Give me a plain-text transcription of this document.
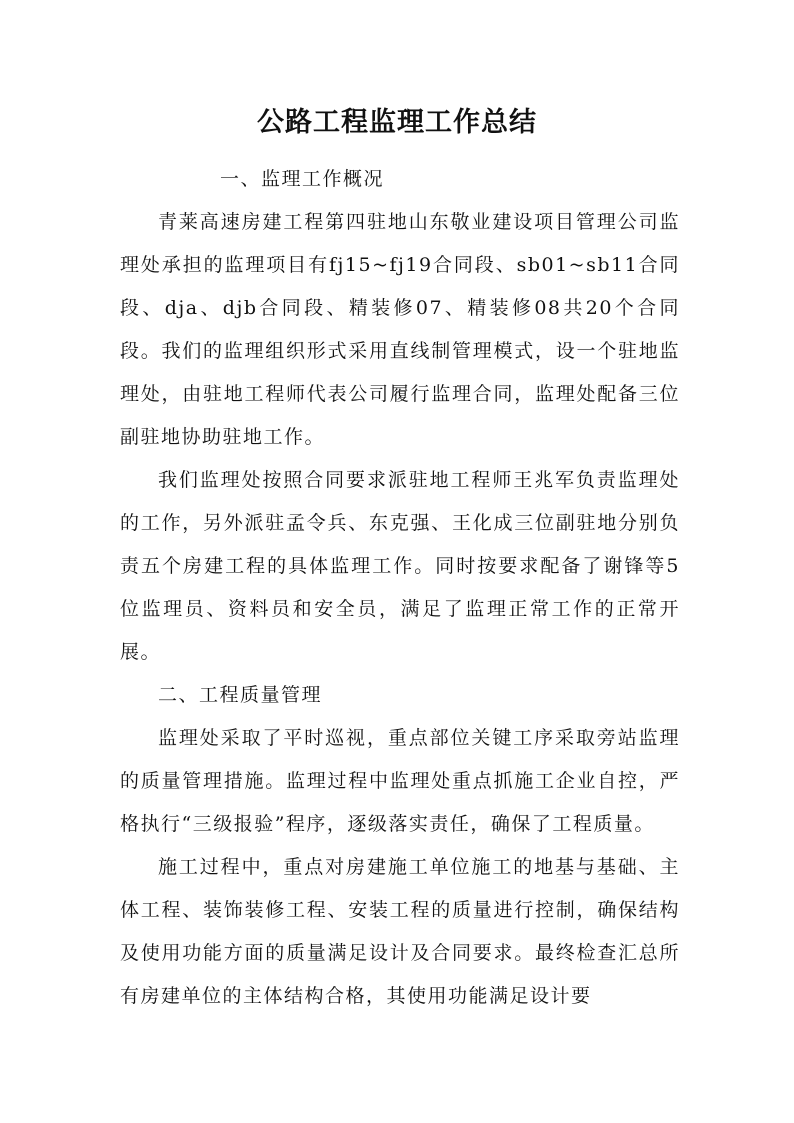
公路工程监理工作总结

一、监理工作概况

青莱高速房建工程第四驻地山东敬业建设项目管理公司监理处承担的监理项目有fj15~fj19合同段、sb01~sb11合同段、dja、djb合同段、精装修07、精装修08共20个合同段。我们的监理组织形式采用直线制管理模式，设一个驻地监理处，由驻地工程师代表公司履行监理合同，监理处配备三位副驻地协助驻地工作。

我们监理处按照合同要求派驻地工程师王兆军负责监理处的工作，另外派驻孟令兵、东克强、王化成三位副驻地分别负责五个房建工程的具体监理工作。同时按要求配备了谢锋等5位监理员、资料员和安全员，满足了监理正常工作的正常开展。

二、工程质量管理

监理处采取了平时巡视，重点部位关键工序采取旁站监理的质量管理措施。监理过程中监理处重点抓施工企业自控，严格执行“三级报验”程序，逐级落实责任，确保了工程质量。

施工过程中，重点对房建施工单位施工的地基与基础、主体工程、装饰装修工程、安装工程的质量进行控制，确保结构及使用功能方面的质量满足设计及合同要求。最终检查汇总所有房建单位的主体结构合格，其使用功能满足设计要
